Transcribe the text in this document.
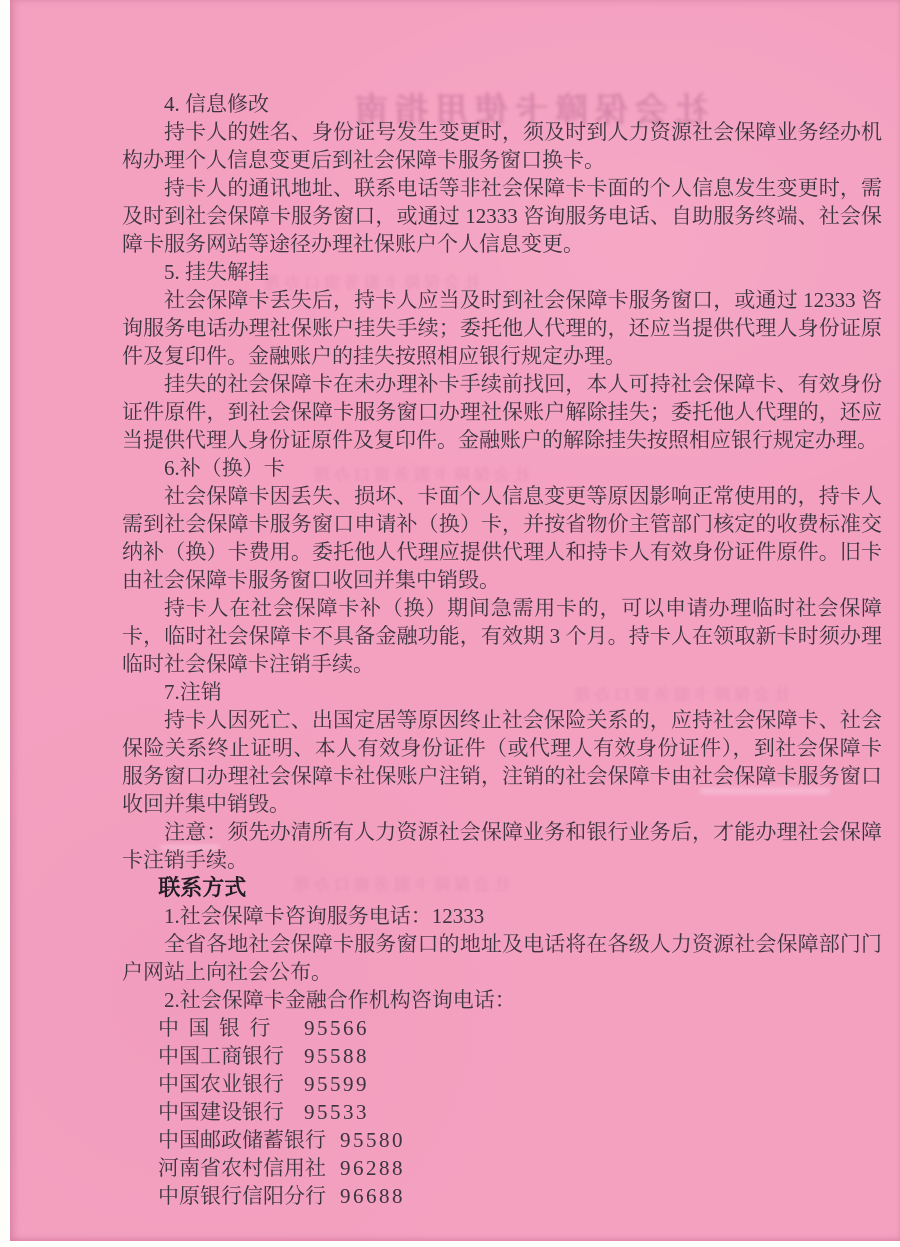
社会保障卡使用指南
社会保障卡服务窗口办理
社会保障卡服务窗口办理
社会保障卡服务窗口办理
社会保障卡服务窗口办理
4. 信息修改

持卡人的姓名、身份证号发生变更时，须及时到人力资源社会保障业务经办机构办理个人信息变更后到社会保障卡服务窗口换卡。

持卡人的通讯地址、联系电话等非社会保障卡卡面的个人信息发生变更时，需及时到社会保障卡服务窗口，或通过 12333 咨询服务电话、自助服务终端、社会保障卡服务网站等途径办理社保账户个人信息变更。

5. 挂失解挂

社会保障卡丢失后，持卡人应当及时到社会保障卡服务窗口，或通过 12333 咨询服务电话办理社保账户挂失手续；委托他人代理的，还应当提供代理人身份证原件及复印件。金融账户的挂失按照相应银行规定办理。

挂失的社会保障卡在未办理补卡手续前找回，本人可持社会保障卡、有效身份证件原件，到社会保障卡服务窗口办理社保账户解除挂失；委托他人代理的，还应当提供代理人身份证原件及复印件。金融账户的解除挂失按照相应银行规定办理。

6.补（换）卡

社会保障卡因丢失、损坏、卡面个人信息变更等原因影响正常使用的，持卡人需到社会保障卡服务窗口申请补（换）卡，并按省物价主管部门核定的收费标准交纳补（换）卡费用。委托他人代理应提供代理人和持卡人有效身份证件原件。旧卡由社会保障卡服务窗口收回并集中销毁。

持卡人在社会保障卡补（换）期间急需用卡的，可以申请办理临时社会保障卡，临时社会保障卡不具备金融功能，有效期 3 个月。持卡人在领取新卡时须办理临时社会保障卡注销手续。

7.注销

持卡人因死亡、出国定居等原因终止社会保险关系的，应持社会保障卡、社会保险关系终止证明、本人有效身份证件（或代理人有效身份证件），到社会保障卡服务窗口办理社会保障卡社保账户注销，注销的社会保障卡由社会保障卡服务窗口收回并集中销毁。

注意：须先办清所有人力资源社会保障业务和银行业务后，才能办理社会保障卡注销手续。

联系方式
1.社会保障卡咨询服务电话：12333

全省各地社会保障卡服务窗口的地址及电话将在各级人力资源社会保障部门门户网站上向社会公布。

2.社会保障卡金融合作机构咨询电话：
中国银行 95566
中国工商银行 95588
中国农业银行 95599
中国建设银行 95533
中国邮政储蓄银行 95580
河南省农村信用社 96288
中原银行信阳分行 96688
